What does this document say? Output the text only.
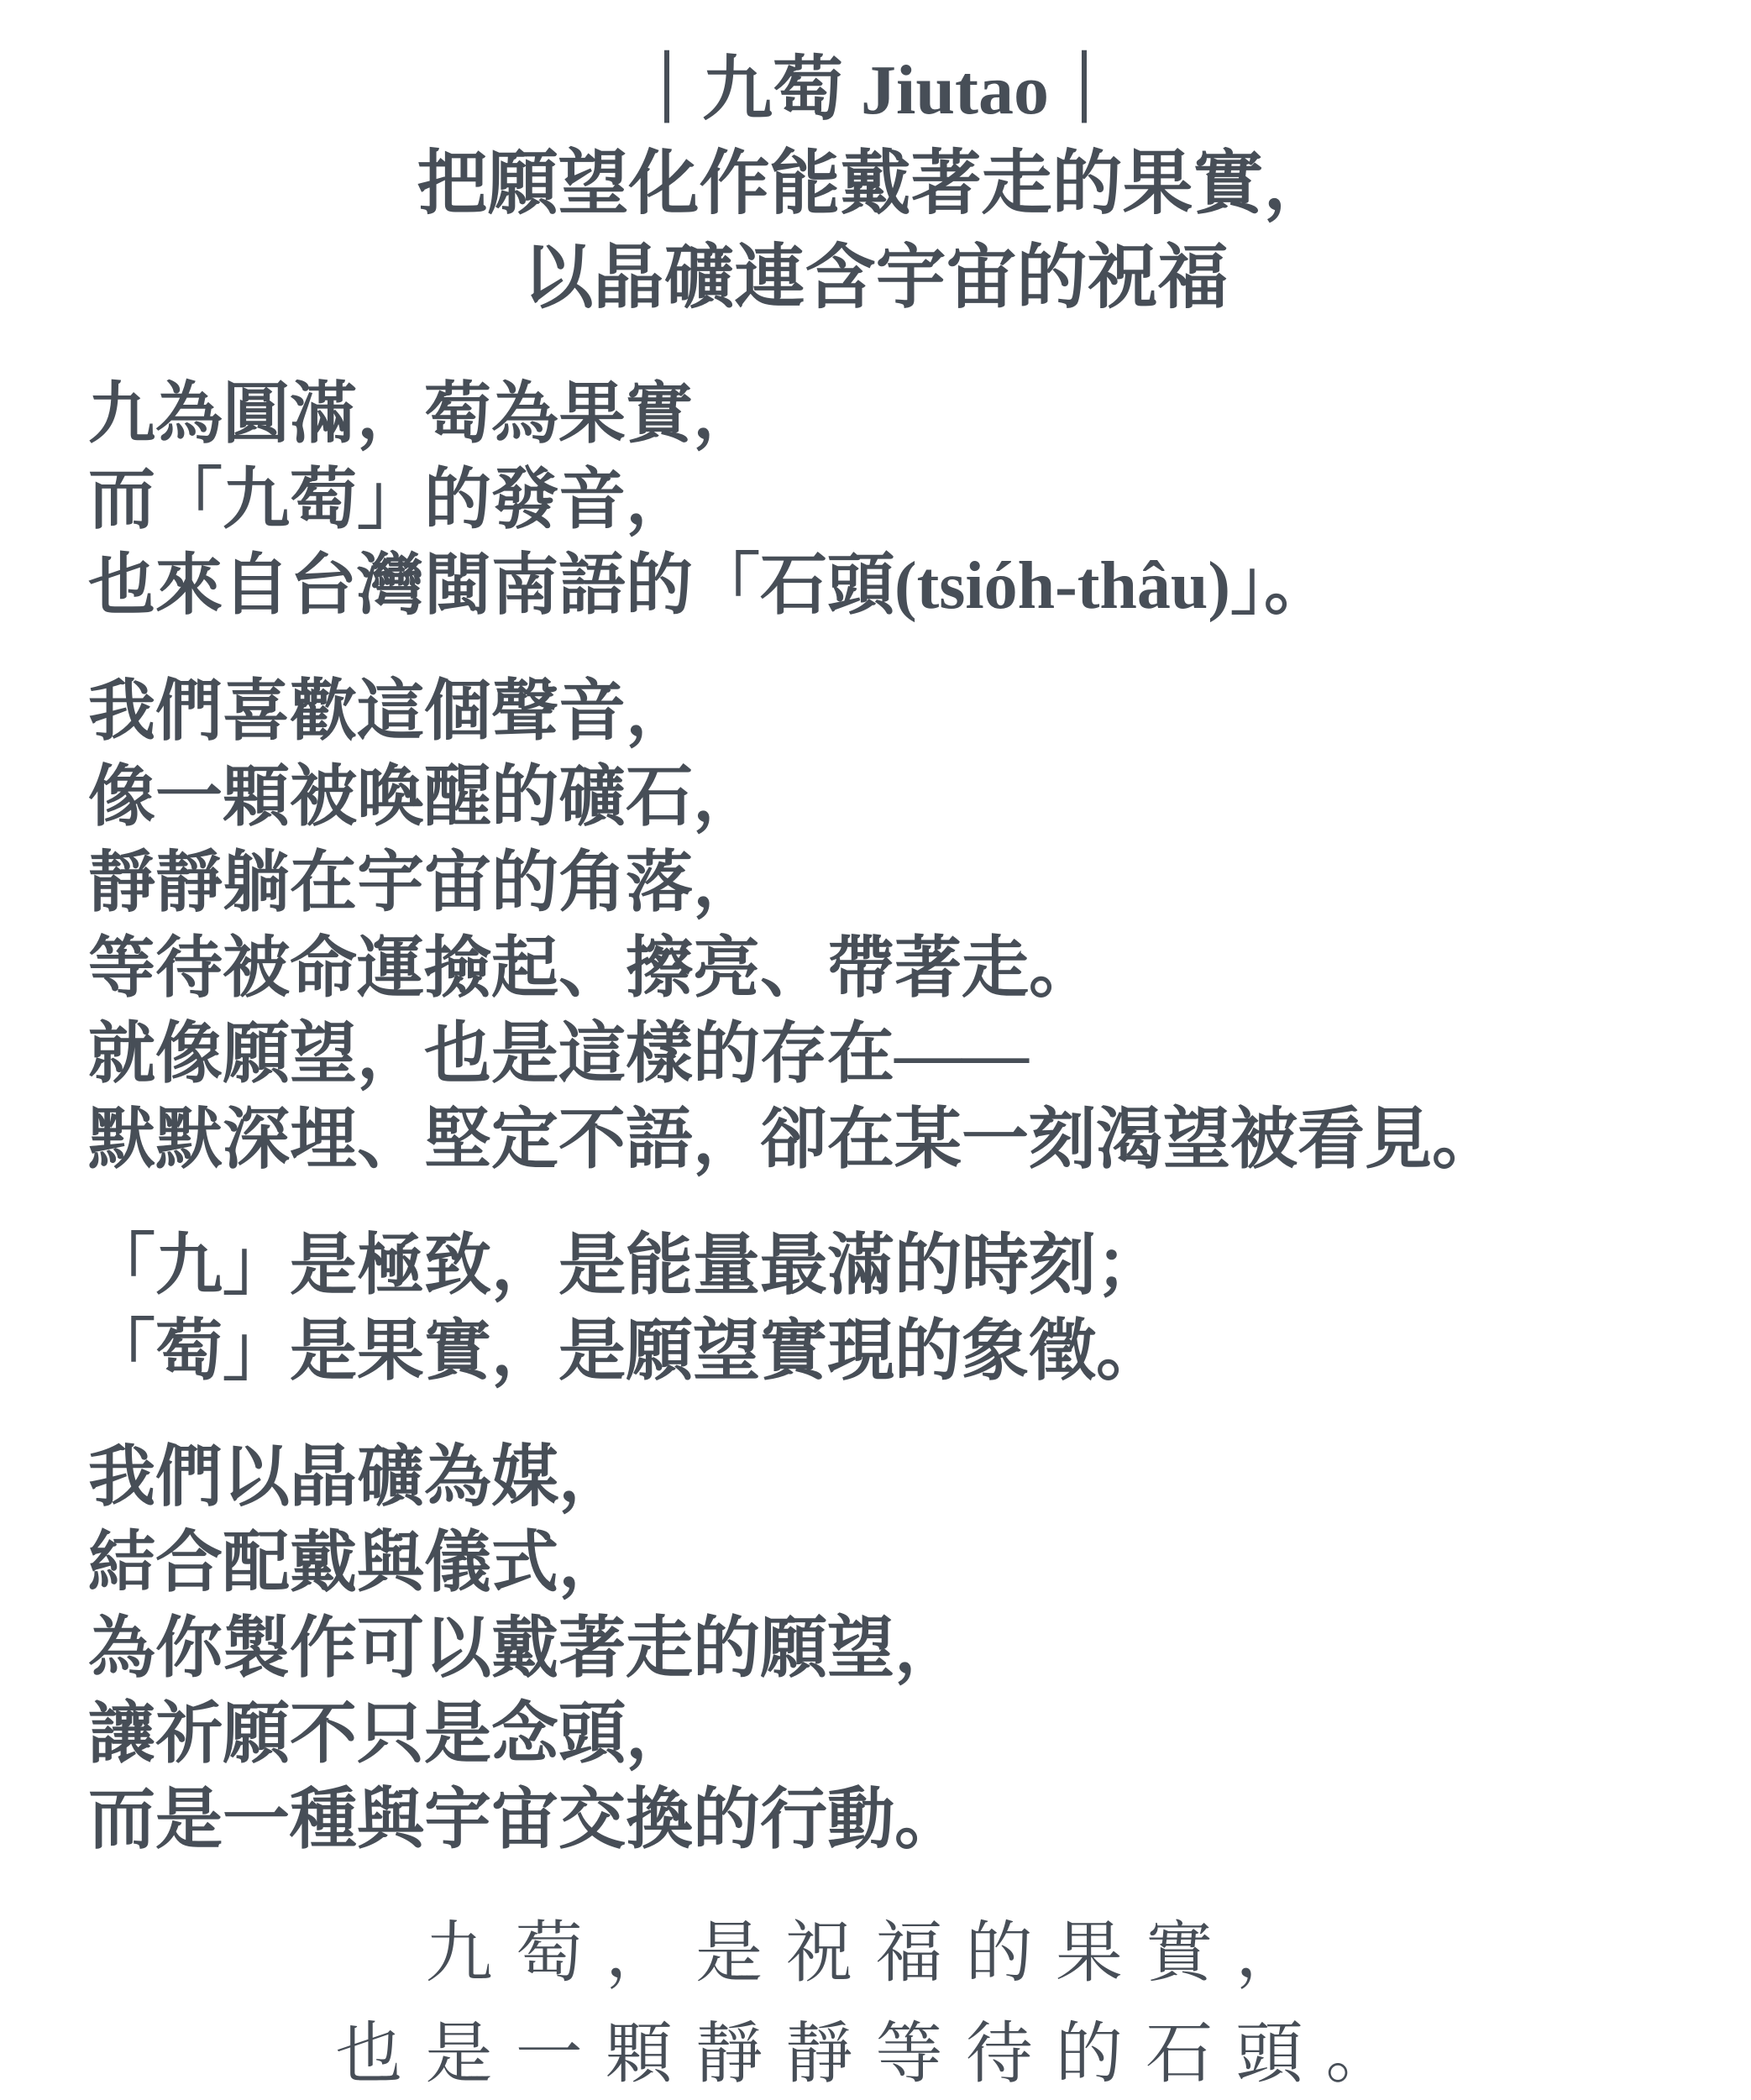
｜九萄 Jiutao｜
把願望化作能戴著走的果實，
以晶礦連含宇宙的祝福
九為圓滿，萄為果實，
而「九萄」的發音，
也來自台灣閩南語的「石頭(tsióh-thâu)」。
我們喜歡這個聲音，
像一顆被喚醒的礦石，
靜靜躺在宇宙的角落，
等待被命運撿起、擦亮、帶著走。
就像願望，也是這樣的存在——
默默深埋、堅定不語，卻在某一刻渴望被看見。
「九」是極致，是能量最滿的時刻；
「萄」是果實，是願望實現的象徵。
我們以晶礦為媒，
結合配戴與儀式，
為你製作可以戴著走的願望，
讓祈願不只是念頭，
而是一種與宇宙交換的行動。
九萄，是祝福的果實，
也是一顆靜靜等待的石頭。
